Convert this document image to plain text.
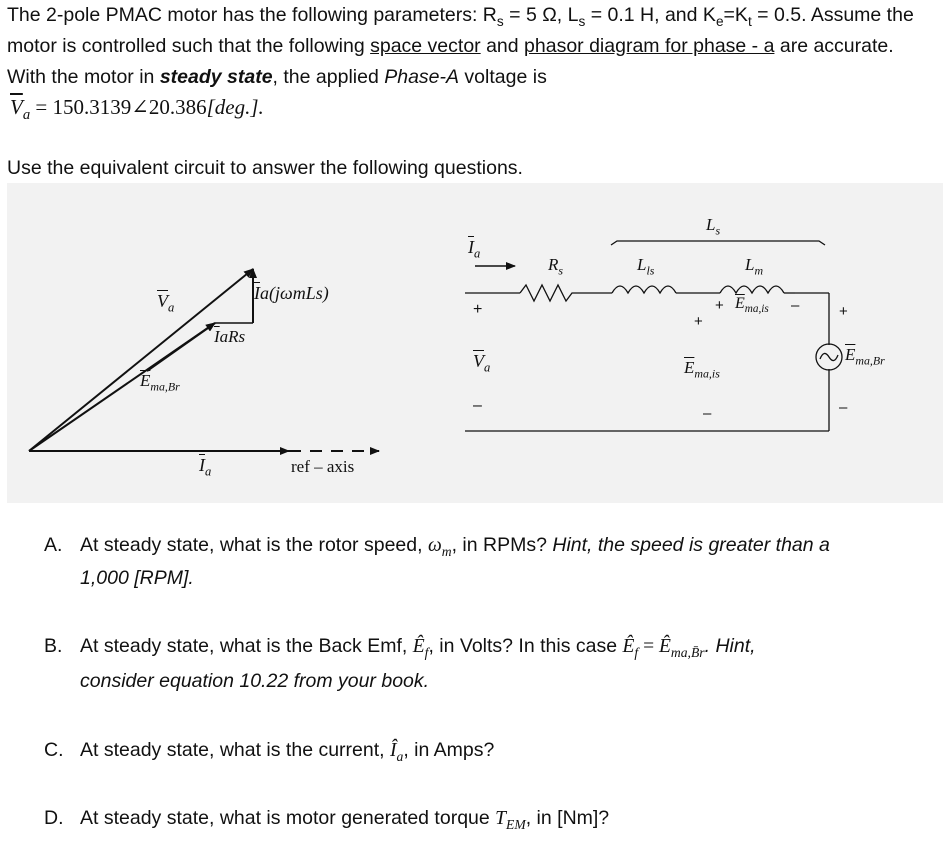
The 2-pole PMAC motor has the following parameters: $R_s = 5$ Ω, $L_s = 0.1$ H, and $K_e=K_t = 0.5$. Assume the
motor is controlled such that the following space vector and phasor diagram for phase - a are accurate.
With the motor in steady state, the applied Phase-A voltage is
$\overline{V}_a$ = 150.3139∠20.386[deg.].
Use the equivalent circuit to answer the following questions.
$\overline{V}_a$
$\overline{I}a(j\omega mLs)$
$\overline{I}aRs$
$\overline{E}_{ma,Br}$
$\overline{I}_a$	ref – axis
$\overline{I}_a$
$R_s$	$L_{ls}$
$L_s$
$L_m$
+
–
$\overline{V}_a$
+ $\overline{E}_{ma,is}$ –
+
$\overline{E}_{ma,is}$
–
+
$\overline{E}_{ma,Br}$
–
A. At steady state, what is the rotor speed, $\omega_m$, in RPMs? Hint, the speed is greater than a
1,000 [RPM].
B. At steady state, what is the Back Emf, $Ê_f$, in Volts? In this case $Ê_f$ = $Ê_{ma,B̄r}$. Hint,
consider equation 10.22 from your book.
C. At steady state, what is the current, $Î_a$, in Amps?
D. At steady state, what is motor generated torque $T_{EM}$, in [Nm]?
